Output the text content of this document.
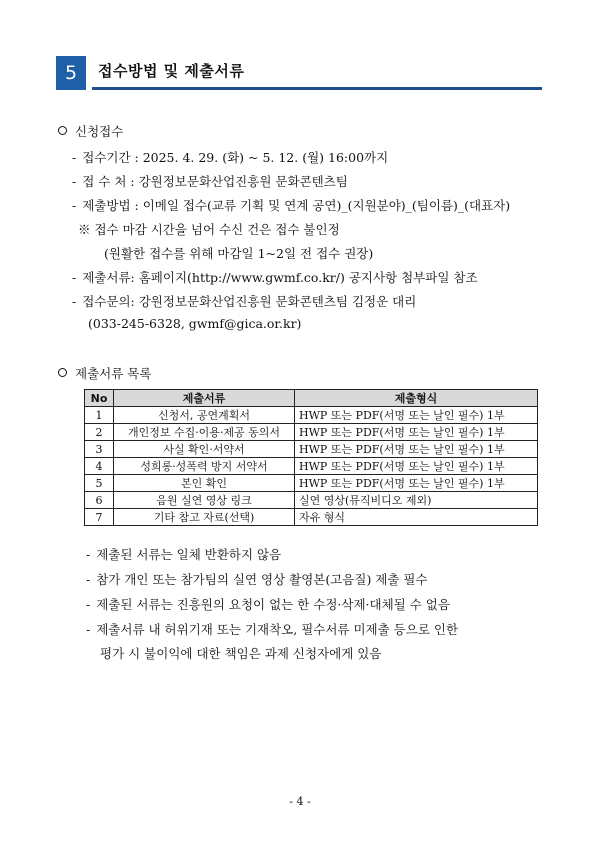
5	접수방법 및 제출서류
신청접수
- 접수기간 : 2025. 4. 29. (화) ~ 5. 12. (월) 16:00까지
- 접 수 처 : 강원정보문화산업진흥원 문화콘텐츠팀
- 제출방법 : 이메일 접수(교류 기획 및 연계 공연)_(지원분야)_(팀이름)_(대표자)
※ 접수 마감 시간을 넘어 수신 건은 접수 불인정
(원활한 접수를 위해 마감일 1~2일 전 접수 권장)
- 제출서류: 홈페이지(http://www.gwmf.co.kr/) 공지사항 첨부파일 참조
- 접수문의: 강원정보문화산업진흥원 문화콘텐츠팀 김정운 대리
(033-245-6328, gwmf@gica.or.kr)
제출서류 목록
No	제출서류	제출형식
1	신청서, 공연계획서	HWP 또는 PDF(서명 또는 날인 필수) 1부
2	개인정보 수집·이용·제공 동의서	HWP 또는 PDF(서명 또는 날인 필수) 1부
3	사실 확인·서약서	HWP 또는 PDF(서명 또는 날인 필수) 1부
4	성희롱·성폭력 방지 서약서	HWP 또는 PDF(서명 또는 날인 필수) 1부
5	본인 확인	HWP 또는 PDF(서명 또는 날인 필수) 1부
6	음원 실연 영상 링크	실연 영상(뮤직비디오 제외)
7	기타 참고 자료(선택)	자유 형식
- 제출된 서류는 일체 반환하지 않음
- 참가 개인 또는 참가팀의 실연 영상 촬영본(고음질) 제출 필수
- 제출된 서류는 진흥원의 요청이 없는 한 수정·삭제·대체될 수 없음
- 제출서류 내 허위기재 또는 기재착오, 필수서류 미제출 등으로 인한
평가 시 불이익에 대한 책임은 과제 신청자에게 있음
- 4 -
